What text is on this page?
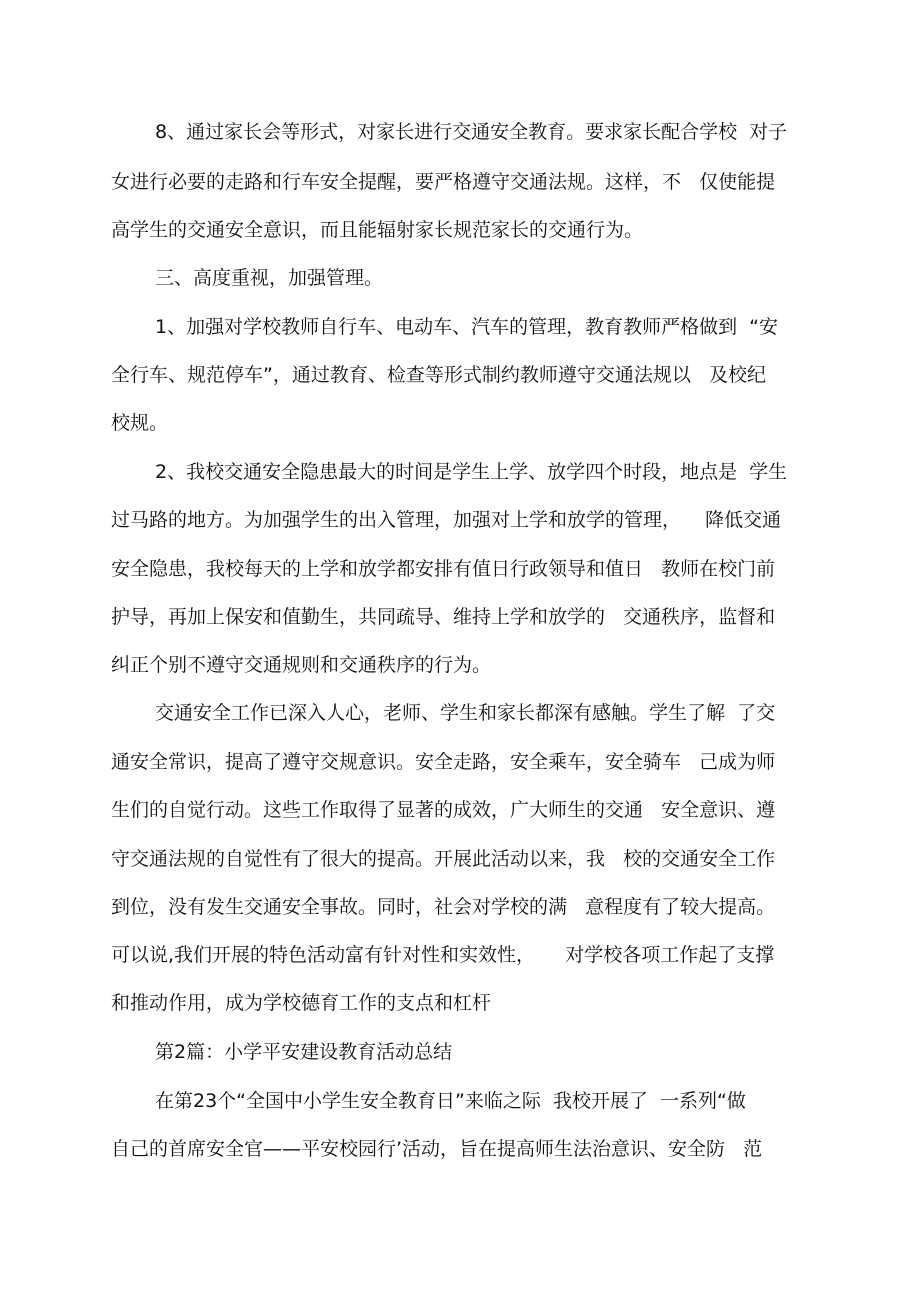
8、通过家长会等形式，对家长进行交通安全教育。要求家长配合学校  对子
女进行必要的走路和行车安全提醒，要严格遵守交通法规。这样，不   仅使能提
高学生的交通安全意识，而且能辐射家长规范家长的交通行为。
三、高度重视，加强管理。
1、加强对学校教师自行车、电动车、汽车的管理，教育教师严格做到  “安
全行车、规范停车”，通过教育、检查等形式制约教师遵守交通法规以   及校纪
校规。
2、我校交通安全隐患最大的时间是学生上学、放学四个时段，地点是  学生
过马路的地方。为加强学生的出入管理，加强对上学和放学的管理，    降低交通
安全隐患，我校每天的上学和放学都安排有值日行政领导和值日   教师在校门前
护导，再加上保安和值勤生，共同疏导、维持上学和放学的   交通秩序，监督和
纠正个别不遵守交通规则和交通秩序的行为。
交通安全工作已深入人心，老师、学生和家长都深有感触。学生了解  了交
通安全常识，提高了遵守交规意识。安全走路，安全乘车，安全骑车   己成为师
生们的自觉行动。这些工作取得了显著的成效，广大师生的交通   安全意识、遵
守交通法规的自觉性有了很大的提高。开展此活动以来，我   校的交通安全工作
到位，没有发生交通安全事故。同时，社会对学校的满   意程度有了较大提高。
可以说,我们开展的特色活动富有针对性和实效性，     对学校各项工作起了支撑
和推动作用，成为学校德育工作的支点和杠杆
第2篇：小学平安建设教育活动总结
在第23个“全国中小学生安全教育日”来临之际  我校开展了  一系列“做
自己的首席安全官——平安校园行’活动，旨在提高师生法治意识、安全防   范
